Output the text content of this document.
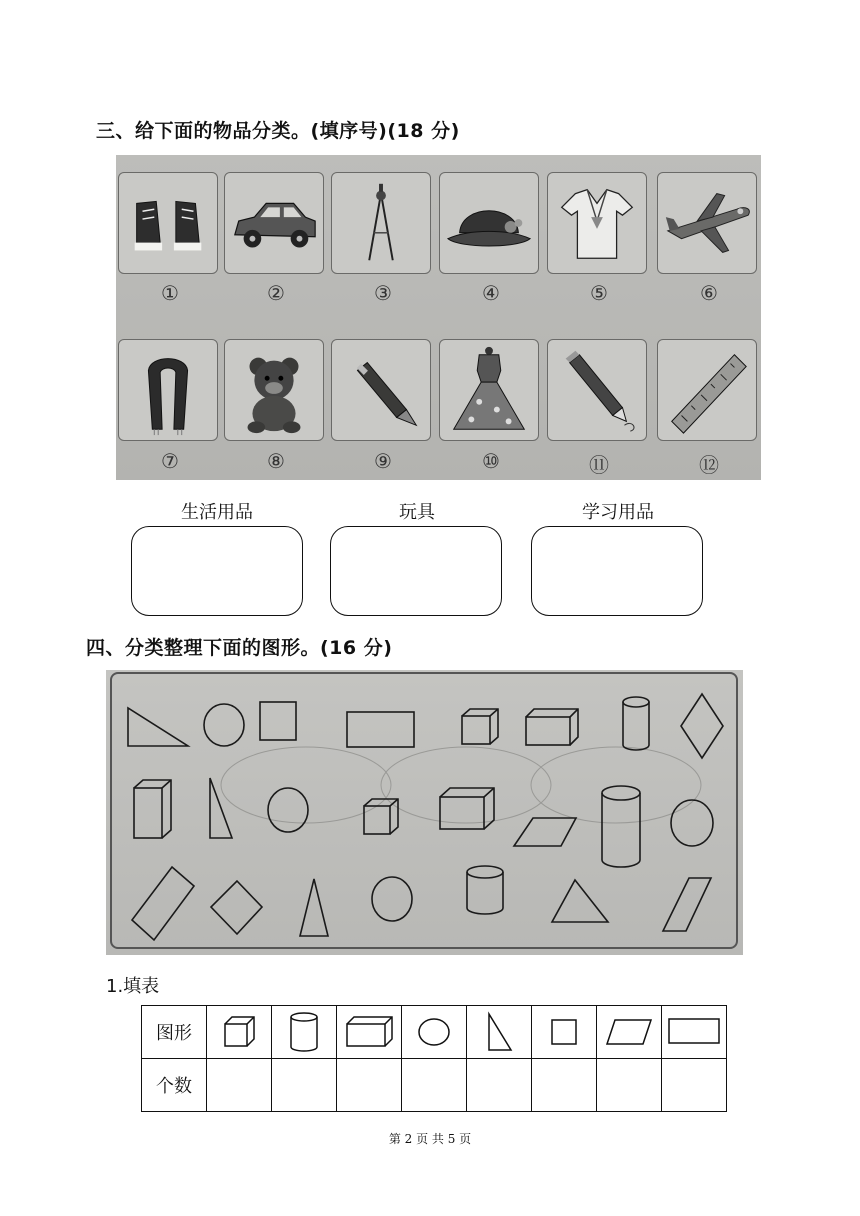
三、给下面的物品分类。(填序号)(18 分)
①	②	③	④	⑤	⑥
⑦	⑧	⑨	⑩	⑪	⑫
生活用品	玩具	学习用品
四、分类整理下面的图形。(16 分)
1.填表
图形	

个数								
第 2 页 共 5 页
